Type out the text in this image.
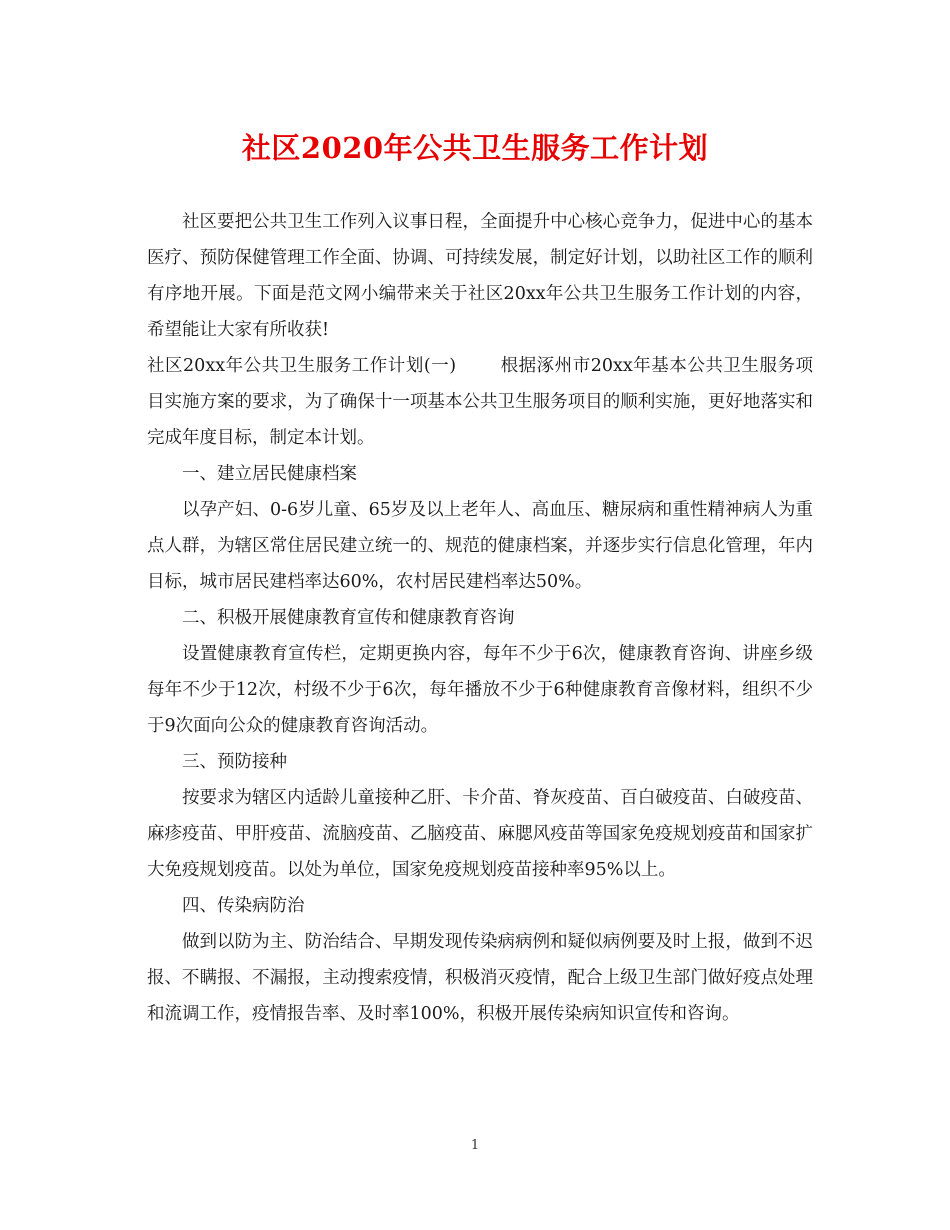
社区2020年公共卫生服务工作计划

社区要把公共卫生工作列入议事日程，全面提升中心核心竞争力，促进中心的基本医疗、预防保健管理工作全面、协调、可持续发展，制定好计划，以助社区工作的顺利有序地开展。下面是范文网小编带来关于社区20xx年公共卫生服务工作计划的内容，希望能让大家有所收获!

社区20xx年公共卫生服务工作计划(一)	根据涿州市20xx年基本公共卫生服务项目实施方案的要求，为了确保十一项基本公共卫生服务项目的顺利实施，更好地落实和完成年度目标，制定本计划。

一、建立居民健康档案

以孕产妇、0-6岁儿童、65岁及以上老年人、高血压、糖尿病和重性精神病人为重点人群，为辖区常住居民建立统一的、规范的健康档案，并逐步实行信息化管理，年内目标，城市居民建档率达60%，农村居民建档率达50%。

二、积极开展健康教育宣传和健康教育咨询

设置健康教育宣传栏，定期更换内容，每年不少于6次，健康教育咨询、讲座乡级每年不少于12次，村级不少于6次，每年播放不少于6种健康教育音像材料，组织不少于9次面向公众的健康教育咨询活动。

三、预防接种

按要求为辖区内适龄儿童接种乙肝、卡介苗、脊灰疫苗、百白破疫苗、白破疫苗、麻疹疫苗、甲肝疫苗、流脑疫苗、乙脑疫苗、麻腮风疫苗等国家免疫规划疫苗和国家扩大免疫规划疫苗。以处为单位，国家免疫规划疫苗接种率95%以上。

四、传染病防治

做到以防为主、防治结合、早期发现传染病病例和疑似病例要及时上报，做到不迟报、不瞒报、不漏报，主动搜索疫情，积极消灭疫情，配合上级卫生部门做好疫点处理和流调工作，疫情报告率、及时率100%，积极开展传染病知识宣传和咨询。

1
